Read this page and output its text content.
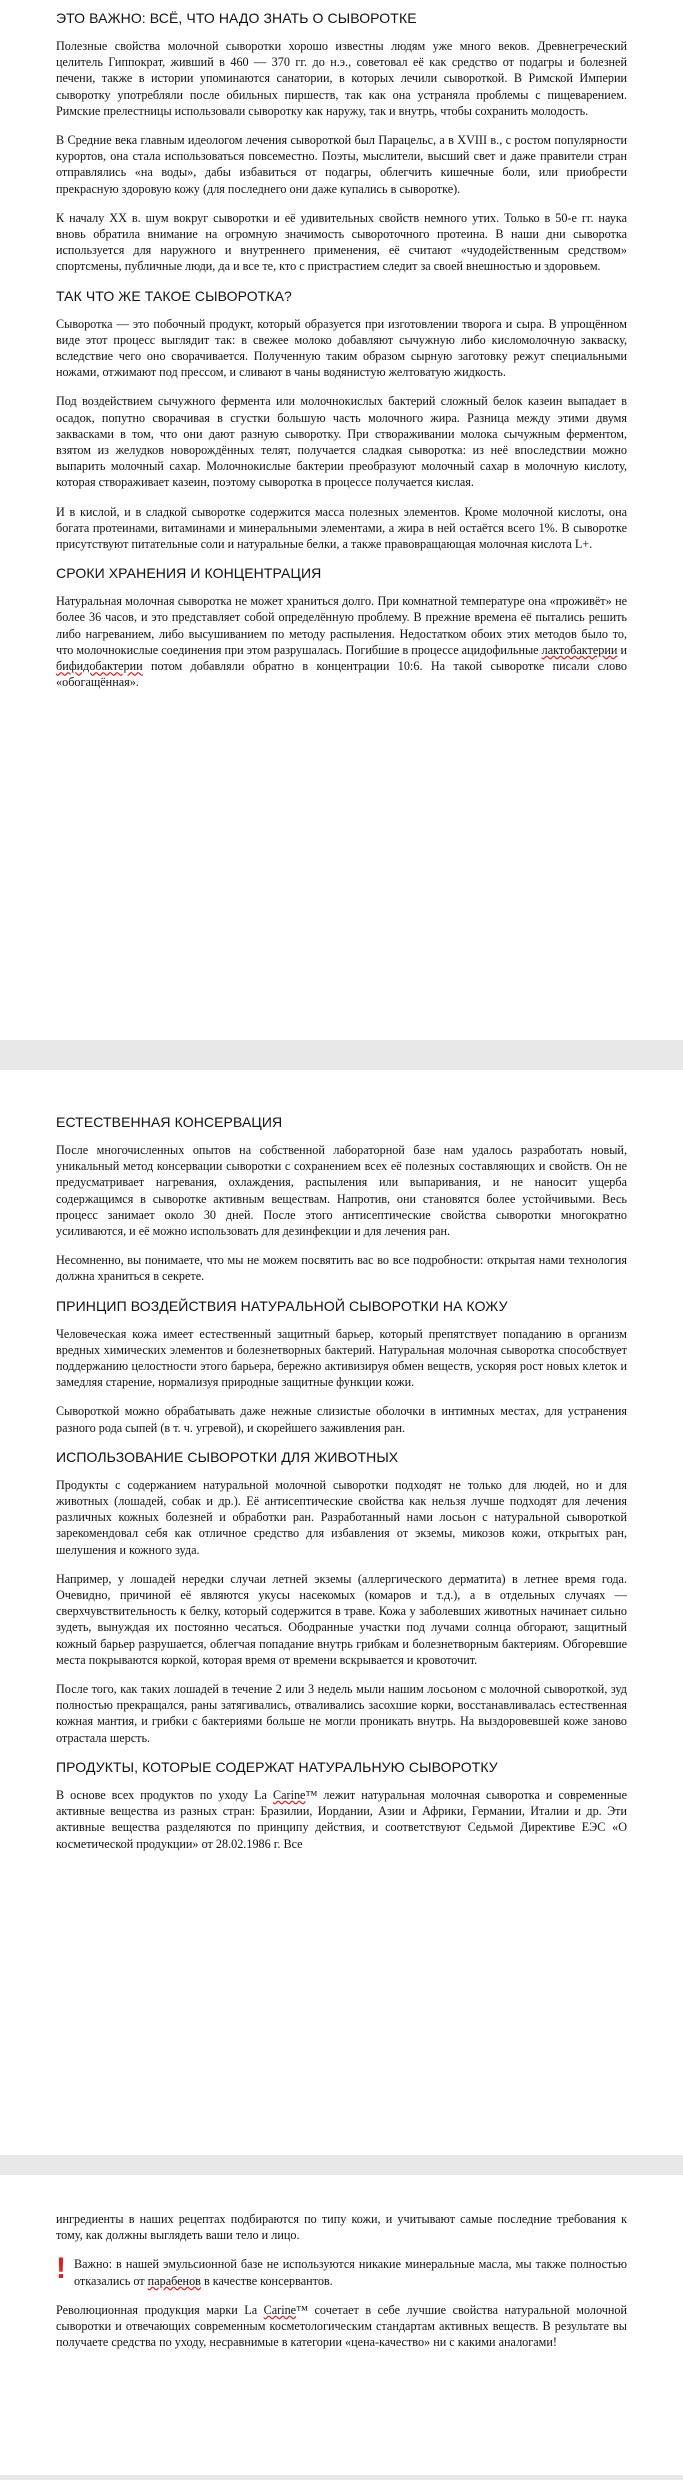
ЭТО ВАЖНО: ВСЁ, ЧТО НАДО ЗНАТЬ О СЫВОРОТКЕ

Полезные свойства молочной сыворотки хорошо известны людям уже много веков. Древнегреческий целитель Гиппократ, живший в 460 — 370 гг. до н.э., советовал её как средство от подагры и болезней печени, также в истории упоминаются санатории, в которых лечили сывороткой. В Римской Империи сыворотку употребляли после обильных пиршеств, так как она устраняла проблемы с пищеварением. Римские прелестницы использовали сыворотку как наружу, так и внутрь, чтобы сохранить молодость.

В Средние века главным идеологом лечения сывороткой был Парацельс, а в XVIII в., с ростом популярности курортов, она стала использоваться повсеместно. Поэты, мыслители, высший свет и даже правители стран отправлялись «на воды», дабы избавиться от подагры, облегчить кишечные боли, или приобрести прекрасную здоровую кожу (для последнего они даже купались в сыворотке).

К началу XX в. шум вокруг сыворотки и её удивительных свойств немного утих. Только в 50-е гг. наука вновь обратила внимание на огромную значимость сывороточного протеина. В наши дни сыворотка используется для наружного и внутреннего применения, её считают «чудодейственным средством» спортсмены, публичные люди, да и все те, кто с пристрастием следит за своей внешностью и здоровьем.

ТАК ЧТО ЖЕ ТАКОЕ СЫВОРОТКА?

Сыворотка — это побочный продукт, который образуется при изготовлении творога и сыра. В упрощённом виде этот процесс выглядит так: в свежее молоко добавляют сычужную либо кисломолочную закваску, вследствие чего оно сворачивается. Полученную таким образом сырную заготовку режут специальными ножами, отжимают под прессом, и сливают в чаны водянистую желтоватую жидкость.

Под воздействием сычужного фермента или молочнокислых бактерий сложный белок казеин выпадает в осадок, попутно сворачивая в сгустки большую часть молочного жира. Разница между этими двумя заквасками в том, что они дают разную сыворотку. При створаживании молока сычужным ферментом, взятом из желудков новорождённых телят, получается сладкая сыворотка: из неё впоследствии можно выпарить молочный сахар. Молочнокислые бактерии преобразуют молочный сахар в молочную кислоту, которая створаживает казеин, поэтому сыворотка в процессе получается кислая.

И в кислой, и в сладкой сыворотке содержится масса полезных элементов. Кроме молочной кислоты, она богата протеинами, витаминами и минеральными элементами, а жира в ней остаётся всего 1%. В сыворотке присутствуют питательные соли и натуральные белки, а также правовращающая молочная кислота L+.

СРОКИ ХРАНЕНИЯ И КОНЦЕНТРАЦИЯ

Натуральная молочная сыворотка не может храниться долго. При комнатной температуре она «проживёт» не более 36 часов, и это представляет собой определённую проблему. В прежние времена её пытались решить либо нагреванием, либо высушиванием по методу распыления. Недостатком обоих этих методов было то, что молочнокислые соединения при этом разрушалась. Погибшие в процессе ацидофильные лактобактерии и бифидобактерии потом добавляли обратно в концентрации 10:6. На такой сыворотке писали слово «обогащённая».

ЕСТЕСТВЕННАЯ КОНСЕРВАЦИЯ

После многочисленных опытов на собственной лабораторной базе нам удалось разработать новый, уникальный метод консервации сыворотки с сохранением всех её полезных составляющих и свойств. Он не предусматривает нагревания, охлаждения, распыления или выпаривания, и не наносит ущерба содержащимся в сыворотке активным веществам. Напротив, они становятся более устойчивыми. Весь процесс занимает около 30 дней. После этого антисептические свойства сыворотки многократно усиливаются, и её можно использовать для дезинфекции и для лечения ран.

Несомненно, вы понимаете, что мы не можем посвятить вас во все подробности: открытая нами технология должна храниться в секрете.

ПРИНЦИП ВОЗДЕЙСТВИЯ НАТУРАЛЬНОЙ СЫВОРОТКИ НА КОЖУ

Человеческая кожа имеет естественный защитный барьер, который препятствует попаданию в организм вредных химических элементов и болезнетворных бактерий. Натуральная молочная сыворотка способствует поддержанию целостности этого барьера, бережно активизируя обмен веществ, ускоряя рост новых клеток и замедляя старение, нормализуя природные защитные функции кожи.

Сывороткой можно обрабатывать даже нежные слизистые оболочки в интимных местах, для устранения разного рода сыпей (в т. ч. угревой), и скорейшего заживления ран.

ИСПОЛЬЗОВАНИЕ СЫВОРОТКИ ДЛЯ ЖИВОТНЫХ

Продукты с содержанием натуральной молочной сыворотки подходят не только для людей, но и для животных (лошадей, собак и др.). Её антисептические свойства как нельзя лучше подходят для лечения различных кожных болезней и обработки ран. Разработанный нами лосьон с натуральной сывороткой зарекомендовал себя как отличное средство для избавления от экземы, микозов кожи, открытых ран, шелушения и кожного зуда.

Например, у лошадей нередки случаи летней экземы (аллергического дерматита) в летнее время года. Очевидно, причиной её являются укусы насекомых (комаров и т.д.), а в отдельных случаях — сверхчувствительность к белку, который содержится в траве. Кожа у заболевших животных начинает сильно зудеть, вынуждая их постоянно чесаться. Ободранные участки под лучами солнца обгорают, защитный кожный барьер разрушается, облегчая попадание внутрь грибкам и болезнетворным бактериям. Обгоревшие места покрываются коркой, которая время от времени вскрывается и кровоточит.

После того, как таких лошадей в течение 2 или 3 недель мыли нашим лосьоном с молочной сывороткой, зуд полностью прекращался, раны затягивались, отваливались засохшие корки, восстанавливалась естественная кожная мантия, и грибки с бактериями больше не могли проникать внутрь. На выздоровевшей коже заново отрастала шерсть.

ПРОДУКТЫ, КОТОРЫЕ СОДЕРЖАТ НАТУРАЛЬНУЮ СЫВОРОТКУ

В основе всех продуктов по уходу La Carine™ лежит натуральная молочная сыворотка и современные активные вещества из разных стран: Бразилии, Иордании, Азии и Африки, Германии, Италии и др. Эти активные вещества разделяются по принципу действия, и соответствуют Седьмой Директиве ЕЭС «О косметической продукции» от 28.02.1986 г. Все

ингредиенты в наших рецептах подбираются по типу кожи, и учитывают самые последние требования к тому, как должны выглядеть ваши тело и лицо.

! Важно: в нашей эмульсионной базе не используются никакие минеральные масла, мы также полностью отказались от парабенов в качестве консервантов.

Революционная продукция марки La Carine™ сочетает в себе лучшие свойства натуральной молочной сыворотки и отвечающих современным косметологическим стандартам активных веществ. В результате вы получаете средства по уходу, несравнимые в категории «цена-качество» ни с какими аналогами!
